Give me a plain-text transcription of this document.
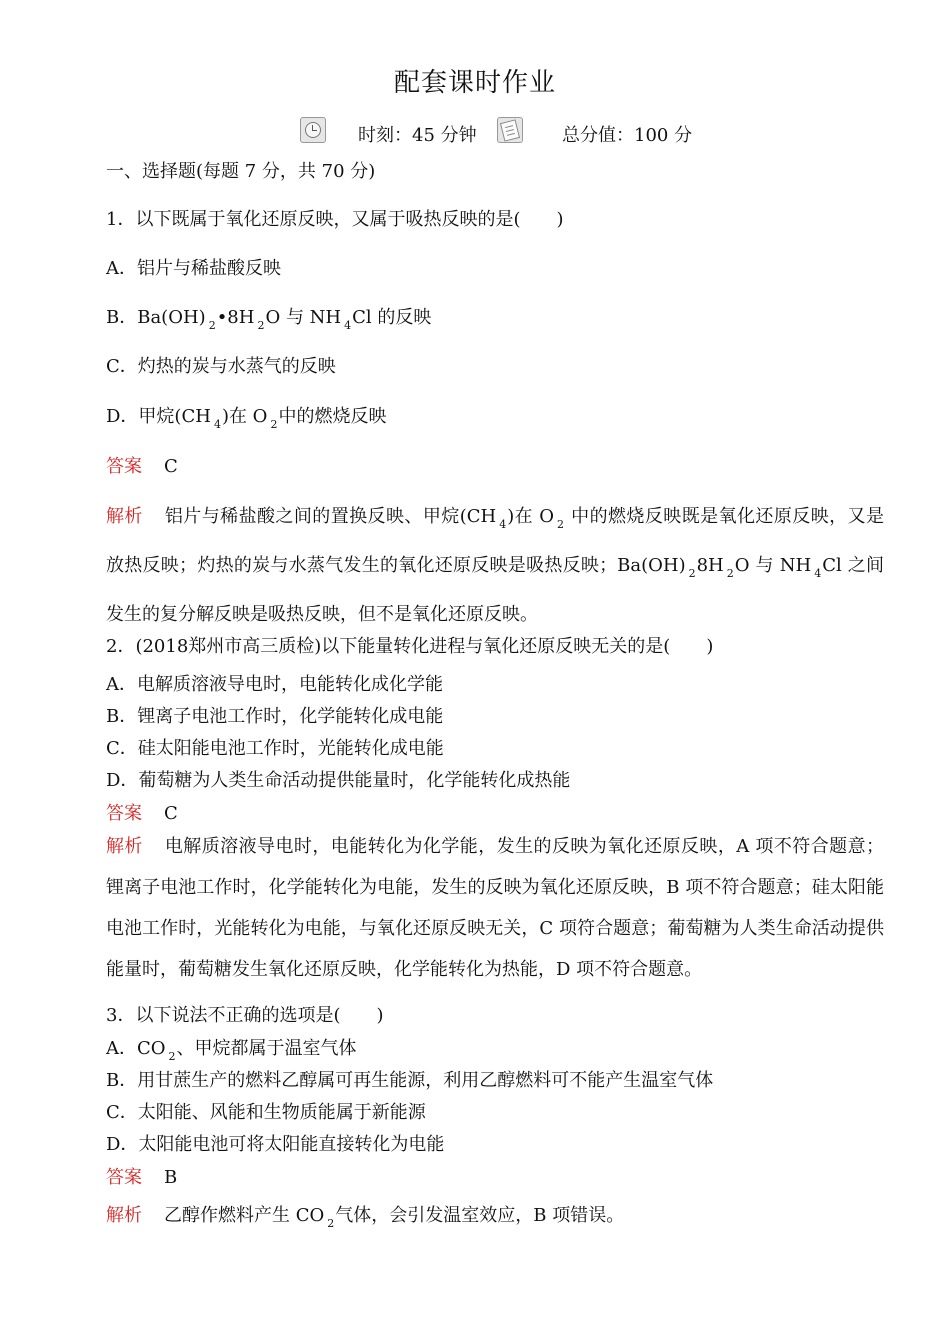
配套课时作业
时刻：45 分钟	总分值：100 分
一、选择题(每题 7 分，共 70 分)
1．以下既属于氧化还原反映，又属于吸热反映的是(　　)
A．铝片与稀盐酸反映
B．Ba(OH) $_2$•8H $_2$O 与 NH $_4$Cl 的反映
C．灼热的炭与水蒸气的反映
D．甲烷(CH $_4$)在 O $_2$中的燃烧反映
答案 C
解析 铝片与稀盐酸之间的置换反映、甲烷(CH $_4$)在 O $_2$ 中的燃烧反映既是氧化还原反映，又是放热反映；灼热的炭与水蒸气发生的氧化还原反映是吸热反映；Ba(OH) $_2$8H $_2$O 与 NH $_4$Cl 之间发生的复分解反映是吸热反映，但不是氧化还原反映。
2．(2018郑州市高三质检)以下能量转化进程与氧化还原反映无关的是(　　)
A．电解质溶液导电时，电能转化成化学能
B．锂离子电池工作时，化学能转化成电能
C．硅太阳能电池工作时，光能转化成电能
D．葡萄糖为人类生命活动提供能量时，化学能转化成热能
答案 C
解析 电解质溶液导电时，电能转化为化学能，发生的反映为氧化还原反映，A 项不符合题意；锂离子电池工作时，化学能转化为电能，发生的反映为氧化还原反映，B 项不符合题意；硅太阳能电池工作时，光能转化为电能，与氧化还原反映无关，C 项符合题意；葡萄糖为人类生命活动提供能量时，葡萄糖发生氧化还原反映，化学能转化为热能，D 项不符合题意。
3．以下说法不正确的选项是(　　)
A．CO $_2$、甲烷都属于温室气体
B．用甘蔗生产的燃料乙醇属可再生能源，利用乙醇燃料可不能产生温室气体
C．太阳能、风能和生物质能属于新能源
D．太阳能电池可将太阳能直接转化为电能
答案 B
解析 乙醇作燃料产生 CO $_2$气体，会引发温室效应，B 项错误。
